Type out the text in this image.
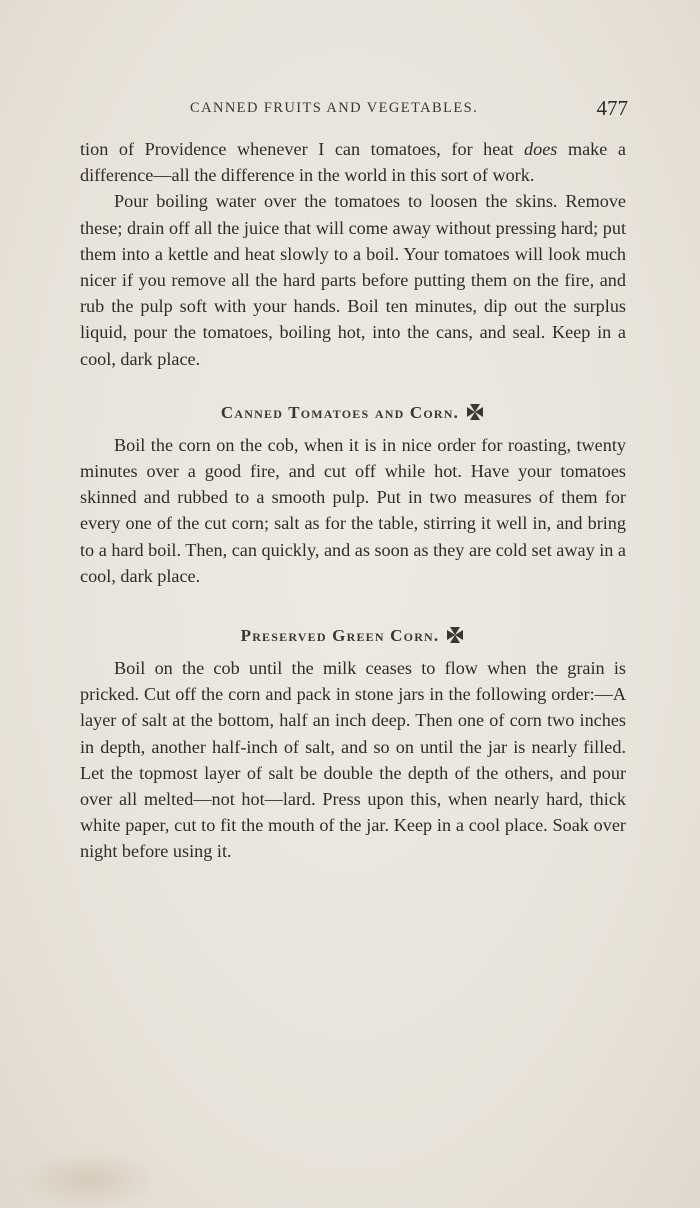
CANNED FRUITS AND VEGETABLES.	477

tion of Providence whenever I can tomatoes, for heat does make a difference—all the difference in the world in this sort of work.

Pour boiling water over the tomatoes to loosen the skins. Remove these; drain off all the juice that will come away without pressing hard; put them into a kettle and heat slowly to a boil. Your tomatoes will look much nicer if you remove all the hard parts before putting them on the fire, and rub the pulp soft with your hands. Boil ten minutes, dip out the surplus liquid, pour the tomatoes, boiling hot, into the cans, and seal. Keep in a cool, dark place.

Canned Tomatoes and Corn.

Boil the corn on the cob, when it is in nice order for roasting, twenty minutes over a good fire, and cut off while hot. Have your tomatoes skinned and rubbed to a smooth pulp. Put in two measures of them for every one of the cut corn; salt as for the table, stirring it well in, and bring to a hard boil. Then, can quickly, and as soon as they are cold set away in a cool, dark place.

Preserved Green Corn.

Boil on the cob until the milk ceases to flow when the grain is pricked. Cut off the corn and pack in stone jars in the following order:—A layer of salt at the bottom, half an inch deep. Then one of corn two inches in depth, another half-inch of salt, and so on until the jar is nearly filled. Let the topmost layer of salt be double the depth of the others, and pour over all melted—not hot—lard. Press upon this, when nearly hard, thick white paper, cut to fit the mouth of the jar. Keep in a cool place. Soak over night before using it.
